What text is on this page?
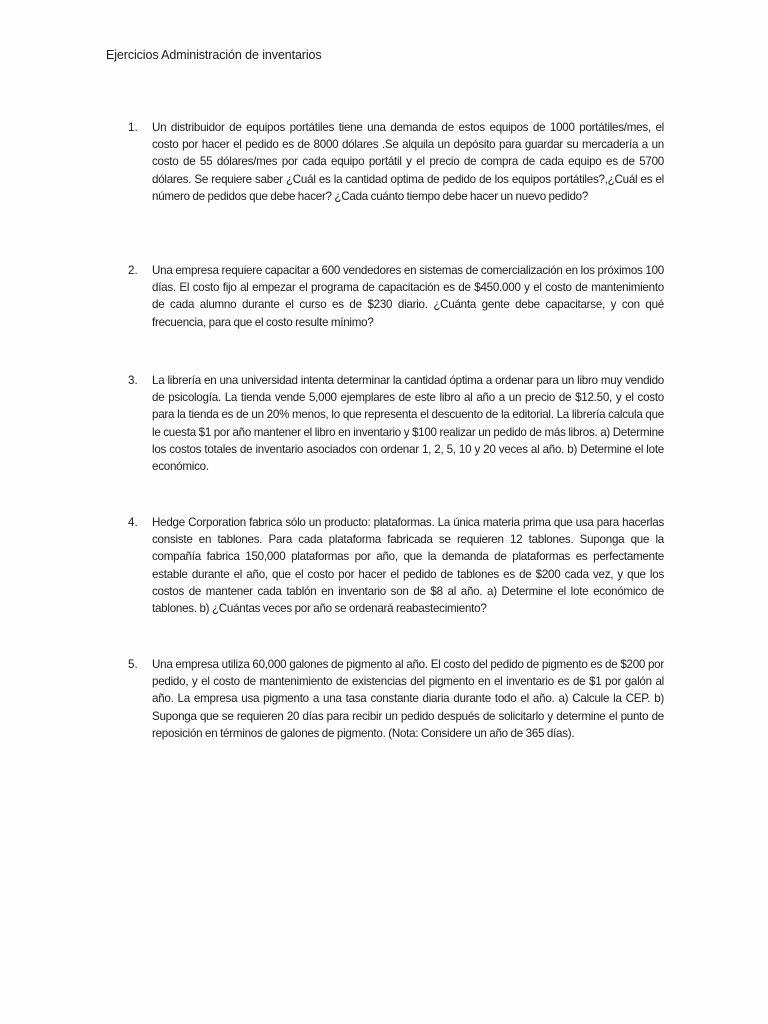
Ejercicios Administración de inventarios
1.	Un distribuidor de equipos portátiles tiene una demanda de estos equipos de 1000 portátiles/mes, el costo por hacer el pedido es de 8000 dólares .Se alquila un depósito para guardar su mercadería a un costo de 55 dólares/mes por cada equipo portátil y el precio de compra de cada equipo es de 5700 dólares. Se requiere saber ¿Cuál es la cantidad optima de pedido de los equipos portátiles?,¿Cuál es el número de pedidos que debe hacer? ¿Cada cuánto tiempo debe hacer un nuevo pedido?
2.	Una empresa requiere capacitar a 600 vendedores en sistemas de comercialización en los próximos 100 días. El costo fijo al empezar el programa de capacitación es de $450.000 y el costo de mantenimiento de cada alumno durante el curso es de $230 diario. ¿Cuánta gente debe capacitarse, y con qué frecuencia, para que el costo resulte mínimo?
3.	La librería en una universidad intenta determinar la cantidad óptima a ordenar para un libro muy vendido de psicología. La tienda vende 5,000 ejemplares de este libro al año a un precio de $12.50, y el costo para la tienda es de un 20% menos, lo que representa el descuento de la editorial. La librería calcula que le cuesta $1 por año mantener el libro en inventario y $100 realizar un pedido de más libros. a) Determine los costos totales de inventario asociados con ordenar 1, 2, 5, 10 y 20 veces al año. b) Determine el lote económico.
4.	Hedge Corporation fabrica sólo un producto: plataformas. La única materia prima que usa para hacerlas consiste en tablones. Para cada plataforma fabricada se requieren 12 tablones. Suponga que la compañía fabrica 150,000 plataformas por año, que la demanda de plataformas es perfectamente estable durante el año, que el costo por hacer el pedido de tablones es de $200 cada vez, y que los costos de mantener cada tablón en inventario son de $8 al año. a) Determine el lote económico de tablones. b) ¿Cuántas veces por año se ordenará reabastecimiento?
5.	Una empresa utiliza 60,000 galones de pigmento al año. El costo del pedido de pigmento es de $200 por pedido, y el costo de mantenimiento de existencias del pigmento en el inventario es de $1 por galón al año. La empresa usa pigmento a una tasa constante diaria durante todo el año. a) Calcule la CEP. b) Suponga que se requieren 20 días para recibir un pedido después de solicitarlo y determine el punto de reposición en términos de galones de pigmento. (Nota: Considere un año de 365 días).
